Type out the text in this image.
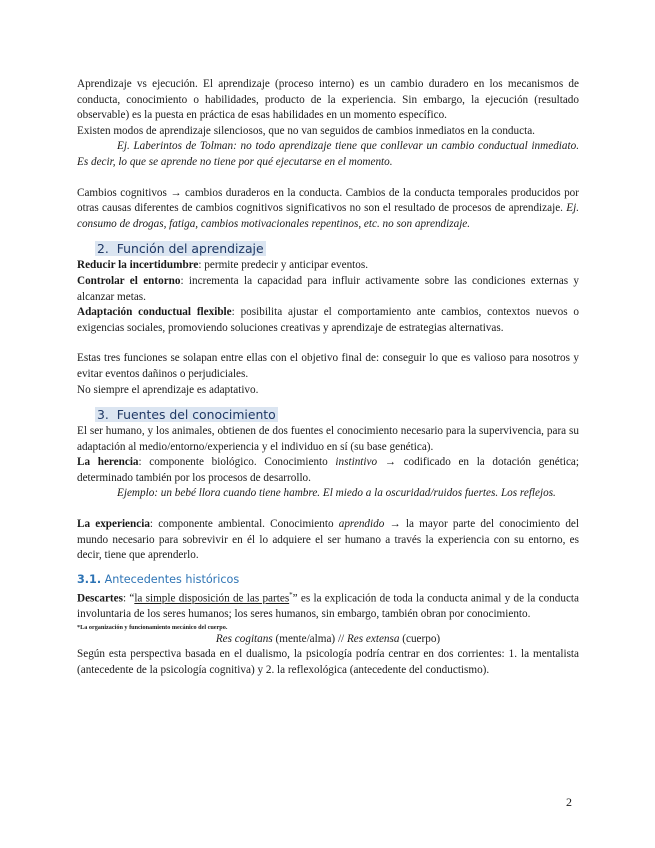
Aprendizaje vs ejecución. El aprendizaje (proceso interno) es un cambio duradero en los mecanismos de conducta, conocimiento o habilidades, producto de la experiencia. Sin embargo, la ejecución (resultado observable) es la puesta en práctica de esas habilidades en un momento específico.

Existen modos de aprendizaje silenciosos, que no van seguidos de cambios inmediatos en la conducta.

Ej. Laberintos de Tolman: no todo aprendizaje tiene que conllevar un cambio conductual inmediato. Es decir, lo que se aprende no tiene por qué ejecutarse en el momento.

Cambios cognitivos → cambios duraderos en la conducta. Cambios de la conducta temporales producidos por otras causas diferentes de cambios cognitivos significativos no son el resultado de procesos de aprendizaje. Ej. consumo de drogas, fatiga, cambios motivacionales repentinos, etc. no son aprendizaje.

2. Función del aprendizaje

Reducir la incertidumbre: permite predecir y anticipar eventos.

Controlar el entorno: incrementa la capacidad para influir activamente sobre las condiciones externas y alcanzar metas.

Adaptación conductual flexible: posibilita ajustar el comportamiento ante cambios, contextos nuevos o exigencias sociales, promoviendo soluciones creativas y aprendizaje de estrategias alternativas.

Estas tres funciones se solapan entre ellas con el objetivo final de: conseguir lo que es valioso para nosotros y evitar eventos dañinos o perjudiciales.

No siempre el aprendizaje es adaptativo.

3. Fuentes del conocimiento

El ser humano, y los animales, obtienen de dos fuentes el conocimiento necesario para la supervivencia, para su adaptación al medio/entorno/experiencia y el individuo en sí (su base genética).

La herencia: componente biológico. Conocimiento instintivo → codificado en la dotación genética; determinado también por los procesos de desarrollo.

Ejemplo: un bebé llora cuando tiene hambre. El miedo a la oscuridad/ruidos fuertes. Los reflejos.

La experiencia: componente ambiental. Conocimiento aprendido → la mayor parte del conocimiento del mundo necesario para sobrevivir en él lo adquiere el ser humano a través la experiencia con su entorno, es decir, tiene que aprenderlo.

3.1. Antecedentes históricos

Descartes: “la simple disposición de las partes*” es la explicación de toda la conducta animal y de la conducta involuntaria de los seres humanos; los seres humanos, sin embargo, también obran por conocimiento.

*La organización y funcionamiento mecánico del cuerpo.

Res cogitans (mente/alma) // Res extensa (cuerpo)

Según esta perspectiva basada en el dualismo, la psicología podría centrar en dos corrientes: 1. la mentalista (antecedente de la psicología cognitiva) y 2. la reflexológica (antecedente del conductismo).

2
